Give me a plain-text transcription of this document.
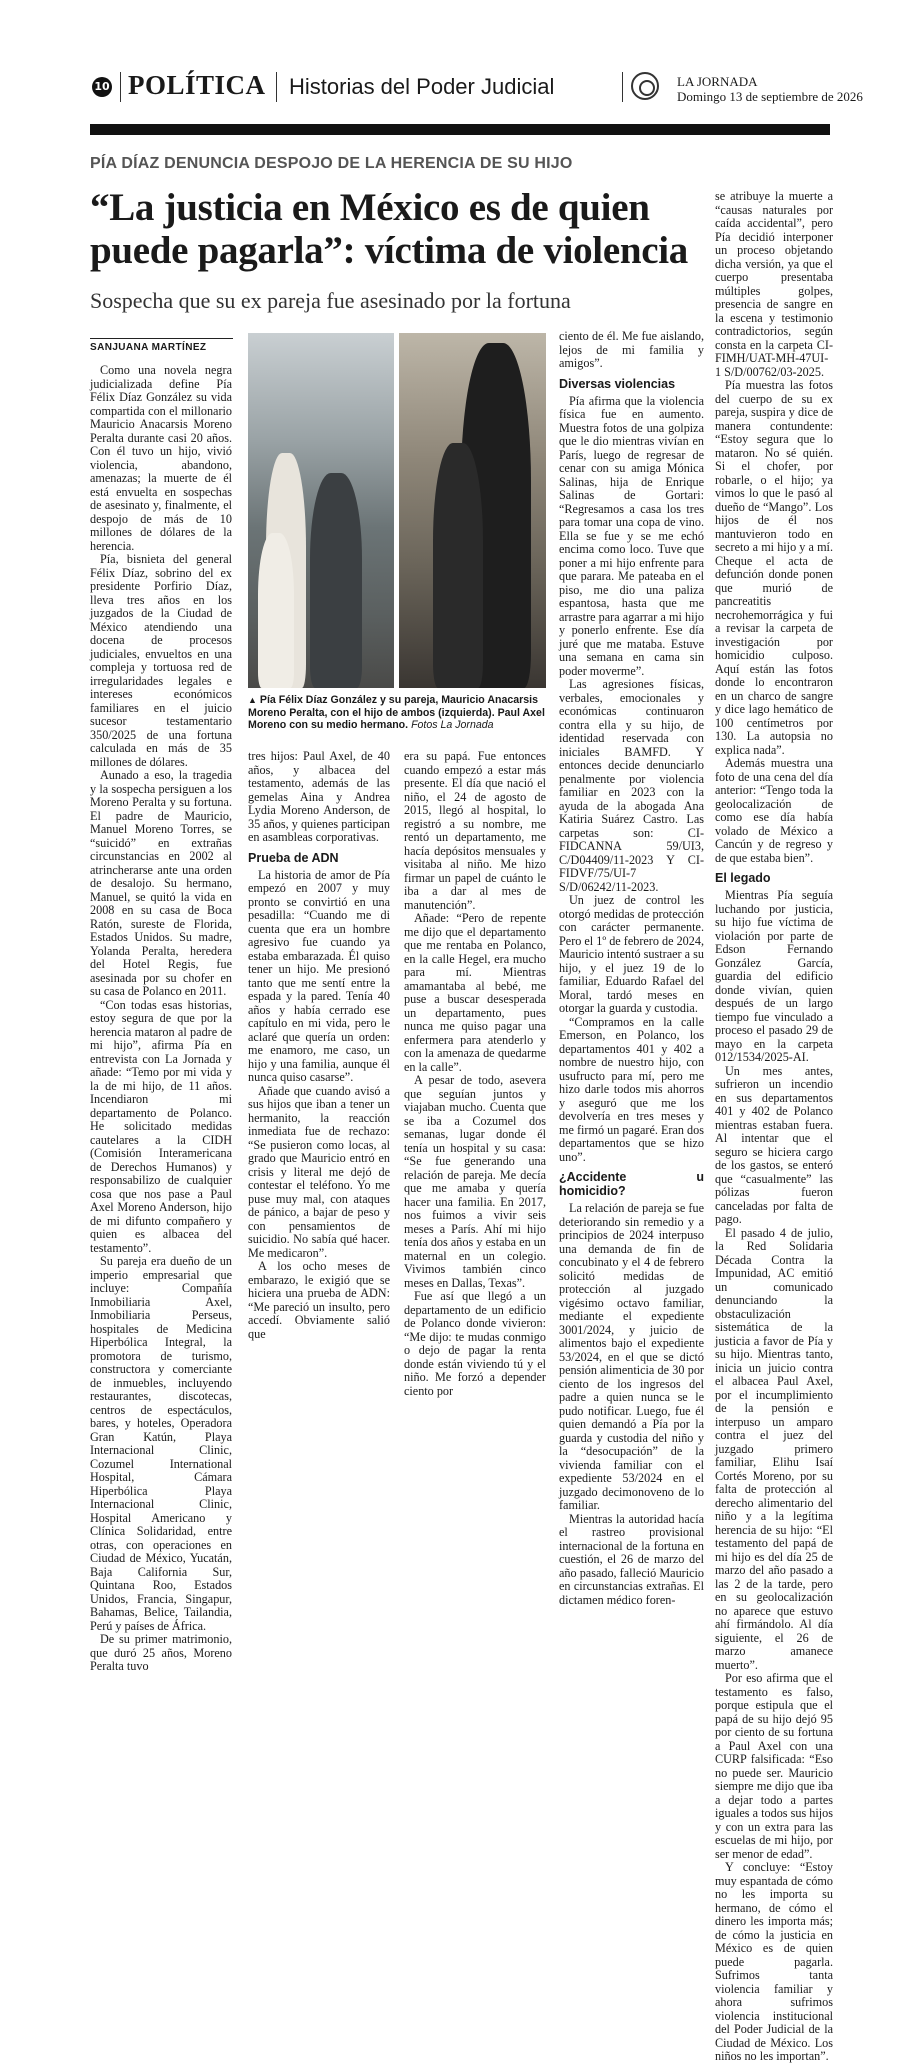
10 POLÍTICA Historias del Poder Judicial	LA JORNADA
Domingo 13 de septiembre de 2026
PÍA DÍAZ DENUNCIA DESPOJO DE LA HERENCIA DE SU HIJO
“La justicia en México es de quien
puede pagarla”: víctima de violencia
Sospecha que su ex pareja fue asesinado por la fortuna
SANJUANA MARTÍNEZ

Como una novela negra judicializada define Pía Félix Díaz González su vida compartida con el millonario Mauricio Anacarsis Moreno Peralta durante casi 20 años. Con él tuvo un hijo, vivió violencia, abandono, amenazas; la muerte de él está envuelta en sospechas de asesinato y, finalmente, el despojo de más de 10 millones de dólares de la herencia.

Pía, bisnieta del general Félix Díaz, sobrino del ex presidente Porfirio Díaz, lleva tres años en los juzgados de la Ciudad de México atendiendo una docena de procesos judiciales, envueltos en una compleja y tortuosa red de irregularidades legales e intereses económicos familiares en el juicio sucesor testamentario 350/2025 de una fortuna calculada en más de 35 millones de dólares.

Aunado a eso, la tragedia y la sospecha persiguen a los Moreno Peralta y su fortuna. El padre de Mauricio, Manuel Moreno Torres, se “suicidó” en extrañas circunstancias en 2002 al atrincherarse ante una orden de desalojo. Su hermano, Manuel, se quitó la vida en 2008 en su casa de Boca Ratón, sureste de Florida, Estados Unidos. Su madre, Yolanda Peralta, heredera del Hotel Regis, fue asesinada por su chofer en su casa de Polanco en 2011.

“Con todas esas historias, estoy segura de que por la herencia mataron al padre de mi hijo”, afirma Pía en entrevista con La Jornada y añade: “Temo por mi vida y la de mi hijo, de 11 años. Incendiaron mi departamento de Polanco. He solicitado medidas cautelares a la CIDH (Comisión Interamericana de Derechos Humanos) y responsabilizo de cualquier cosa que nos pase a Paul Axel Moreno Anderson, hijo de mi difunto compañero y quien es albacea del testamento”.

Su pareja era dueño de un imperio empresarial que incluye: Compañía Inmobiliaria Axel, Inmobiliaria Perseus, hospitales de Medicina Hiperbólica Integral, la promotora de turismo, constructora y comerciante de inmuebles, incluyendo restaurantes, discotecas, centros de espectáculos, bares, y hoteles, Operadora Gran Katún, Playa Internacional Clinic, Cozumel International Hospital, Cámara Hiperbólica Playa Internacional Clinic, Hospital Americano y Clínica Solidaridad, entre otras, con operaciones en Ciudad de México, Yucatán, Baja California Sur, Quintana Roo, Estados Unidos, Francia, Singapur, Bahamas, Belice, Tailandia, Perú y países de África.

De su primer matrimonio, que duró 25 años, Moreno Peralta tuvo

▲ Pía Félix Díaz González y su pareja, Mauricio Anacarsis Moreno Peralta, con el hijo de ambos (izquierda). Paul Axel Moreno con su medio hermano. Fotos La Jornada

tres hijos: Paul Axel, de 40 años, y albacea del testamento, además de las gemelas Aina y Andrea Lydia Moreno Anderson, de 35 años, y quienes participan en asambleas corporativas.

Prueba de ADN

La historia de amor de Pía empezó en 2007 y muy pronto se convirtió en una pesadilla: “Cuando me di cuenta que era un hombre agresivo fue cuando ya estaba embarazada. Él quiso tener un hijo. Me presionó tanto que me sentí entre la espada y la pared. Tenía 40 años y había cerrado ese capítulo en mi vida, pero le aclaré que quería un orden: me enamoro, me caso, un hijo y una familia, aunque él nunca quiso casarse”.

Añade que cuando avisó a sus hijos que iban a tener un hermanito, la reacción inmediata fue de rechazo: “Se pusieron como locas, al grado que Mauricio entró en crisis y literal me dejó de contestar el teléfono. Yo me puse muy mal, con ataques de pánico, a bajar de peso y con pensamientos de suicidio. No sabía qué hacer. Me medicaron”.

A los ocho meses de embarazo, le exigió que se hiciera una prueba de ADN: “Me pareció un insulto, pero accedí. Obviamente salió que

era su papá. Fue entonces cuando empezó a estar más presente. El día que nació el niño, el 24 de agosto de 2015, llegó al hospital, lo registró a su nombre, me rentó un departamento, me hacía depósitos mensuales y visitaba al niño. Me hizo firmar un papel de cuánto le iba a dar al mes de manutención”.

Añade: “Pero de repente me dijo que el departamento que me rentaba en Polanco, en la calle Hegel, era mucho para mí. Mientras amamantaba al bebé, me puse a buscar desesperada un departamento, pues nunca me quiso pagar una enfermera para atenderlo y con la amenaza de quedarme en la calle”.

A pesar de todo, asevera que seguían juntos y viajaban mucho. Cuenta que se iba a Cozumel dos semanas, lugar donde él tenía un hospital y su casa: “Se fue generando una relación de pareja. Me decía que me amaba y quería hacer una familia. En 2017, nos fuimos a vivir seis meses a París. Ahí mi hijo tenía dos años y estaba en un maternal en un colegio. Vivimos también cinco meses en Dallas, Texas”.

Fue así que llegó a un departamento de un edificio de Polanco donde vivieron: “Me dijo: te mudas conmigo o dejo de pagar la renta donde están viviendo tú y el niño. Me forzó a depender ciento por

ciento de él. Me fue aislando, lejos de mi familia y amigos”.

Diversas violencias

Pía afirma que la violencia física fue en aumento. Muestra fotos de una golpiza que le dio mientras vivían en París, luego de regresar de cenar con su amiga Mónica Salinas, hija de Enrique Salinas de Gortari: “Regresamos a casa los tres para tomar una copa de vino. Ella se fue y se me echó encima como loco. Tuve que poner a mi hijo enfrente para que parara. Me pateaba en el piso, me dio una paliza espantosa, hasta que me arrastre para agarrar a mi hijo y ponerlo enfrente. Ese día juré que me mataba. Estuve una semana en cama sin poder moverme”.

Las agresiones físicas, verbales, emocionales y económicas continuaron contra ella y su hijo, de identidad reservada con iniciales BAMFD. Y entonces decide denunciarlo penalmente por violencia familiar en 2023 con la ayuda de la abogada Ana Katiria Suárez Castro. Las carpetas son: CI-FIDCANNA 59/UI3, C/D04409/11-2023 Y CI-FIDVF/75/UI-7 S/D/06242/11-2023.

Un juez de control les otorgó medidas de protección con carácter permanente. Pero el 1º de febrero de 2024, Mauricio intentó sustraer a su hijo, y el juez 19 de lo familiar, Eduardo Rafael del Moral, tardó meses en otorgar la guarda y custodia.

“Compramos en la calle Emerson, en Polanco, los departamentos 401 y 402 a nombre de nuestro hijo, con usufructo para mí, pero me hizo darle todos mis ahorros y aseguró que me los devolvería en tres meses y me firmó un pagaré. Eran dos departamentos que se hizo uno”.

¿Accidente u homicidio?

La relación de pareja se fue deteriorando sin remedio y a principios de 2024 interpuso una demanda de fin de concubinato y el 4 de febrero solicitó medidas de protección al juzgado vigésimo octavo familiar, mediante el expediente 3001/2024, y juicio de alimentos bajo el expediente 53/2024, en el que se dictó pensión alimenticia de 30 por ciento de los ingresos del padre a quien nunca se le pudo notificar. Luego, fue él quien demandó a Pía por la guarda y custodia del niño y la “desocupación” de la vivienda familiar con el expediente 53/2024 en el juzgado decimonoveno de lo familiar.

Mientras la autoridad hacía el rastreo provisional internacional de la fortuna en cuestión, el 26 de marzo del año pasado, falleció Mauricio en circunstancias extrañas. El dictamen médico foren-

se atribuye la muerte a “causas naturales por caída accidental”, pero Pía decidió interponer un proceso objetando dicha versión, ya que el cuerpo presentaba múltiples golpes, presencia de sangre en la escena y testimonio contradictorios, según consta en la carpeta CI-FIMH/UAT-MH-47UI-1 S/D/00762/03-2025.

Pía muestra las fotos del cuerpo de su ex pareja, suspira y dice de manera contundente: “Estoy segura que lo mataron. No sé quién. Si el chofer, por robarle, o el hijo; ya vimos lo que le pasó al dueño de “Mango”. Los hijos de él nos mantuvieron todo en secreto a mi hijo y a mí. Cheque el acta de defunción donde ponen que murió de pancreatitis necrohemorrágica y fui a revisar la carpeta de investigación por homicidio culposo. Aquí están las fotos donde lo encontraron en un charco de sangre y dice lago hemático de 100 centímetros por 130. La autopsia no explica nada”.

Además muestra una foto de una cena del día anterior: “Tengo toda la geolocalización de como ese día había volado de México a Cancún y de regreso y de que estaba bien”.

El legado

Mientras Pía seguía luchando por justicia, su hijo fue víctima de violación por parte de Edson Fernando González García, guardia del edificio donde vivían, quien después de un largo tiempo fue vinculado a proceso el pasado 29 de mayo en la carpeta 012/1534/2025-AI.

Un mes antes, sufrieron un incendio en sus departamentos 401 y 402 de Polanco mientras estaban fuera. Al intentar que el seguro se hiciera cargo de los gastos, se enteró que “casualmente” las pólizas fueron canceladas por falta de pago.

El pasado 4 de julio, la Red Solidaria Década Contra la Impunidad, AC emitió un comunicado denunciando la obstaculización sistemática de la justicia a favor de Pía y su hijo. Mientras tanto, inicia un juicio contra el albacea Paul Axel, por el incumplimiento de la pensión e interpuso un amparo contra el juez del juzgado primero familiar, Elihu Isaí Cortés Moreno, por su falta de protección al derecho alimentario del niño y a la legítima herencia de su hijo: “El testamento del papá de mi hijo es del día 25 de marzo del año pasado a las 2 de la tarde, pero en su geolocalización no aparece que estuvo ahí firmándolo. Al día siguiente, el 26 de marzo amanece muerto”.

Por eso afirma que el testamento es falso, porque estipula que el papá de su hijo dejó 95 por ciento de su fortuna a Paul Axel con una CURP falsificada: “Eso no puede ser. Mauricio siempre me dijo que iba a dejar todo a partes iguales a todos sus hijos y con un extra para las escuelas de mi hijo, por ser menor de edad”.

Y concluye: “Estoy muy espantada de cómo no les importa su hermano, de cómo el dinero les importa más; de cómo la justicia en México es de quien puede pagarla. Sufrimos tanta violencia familiar y ahora sufrimos violencia institucional del Poder Judicial de la Ciudad de México. Los niños no les importan”.
